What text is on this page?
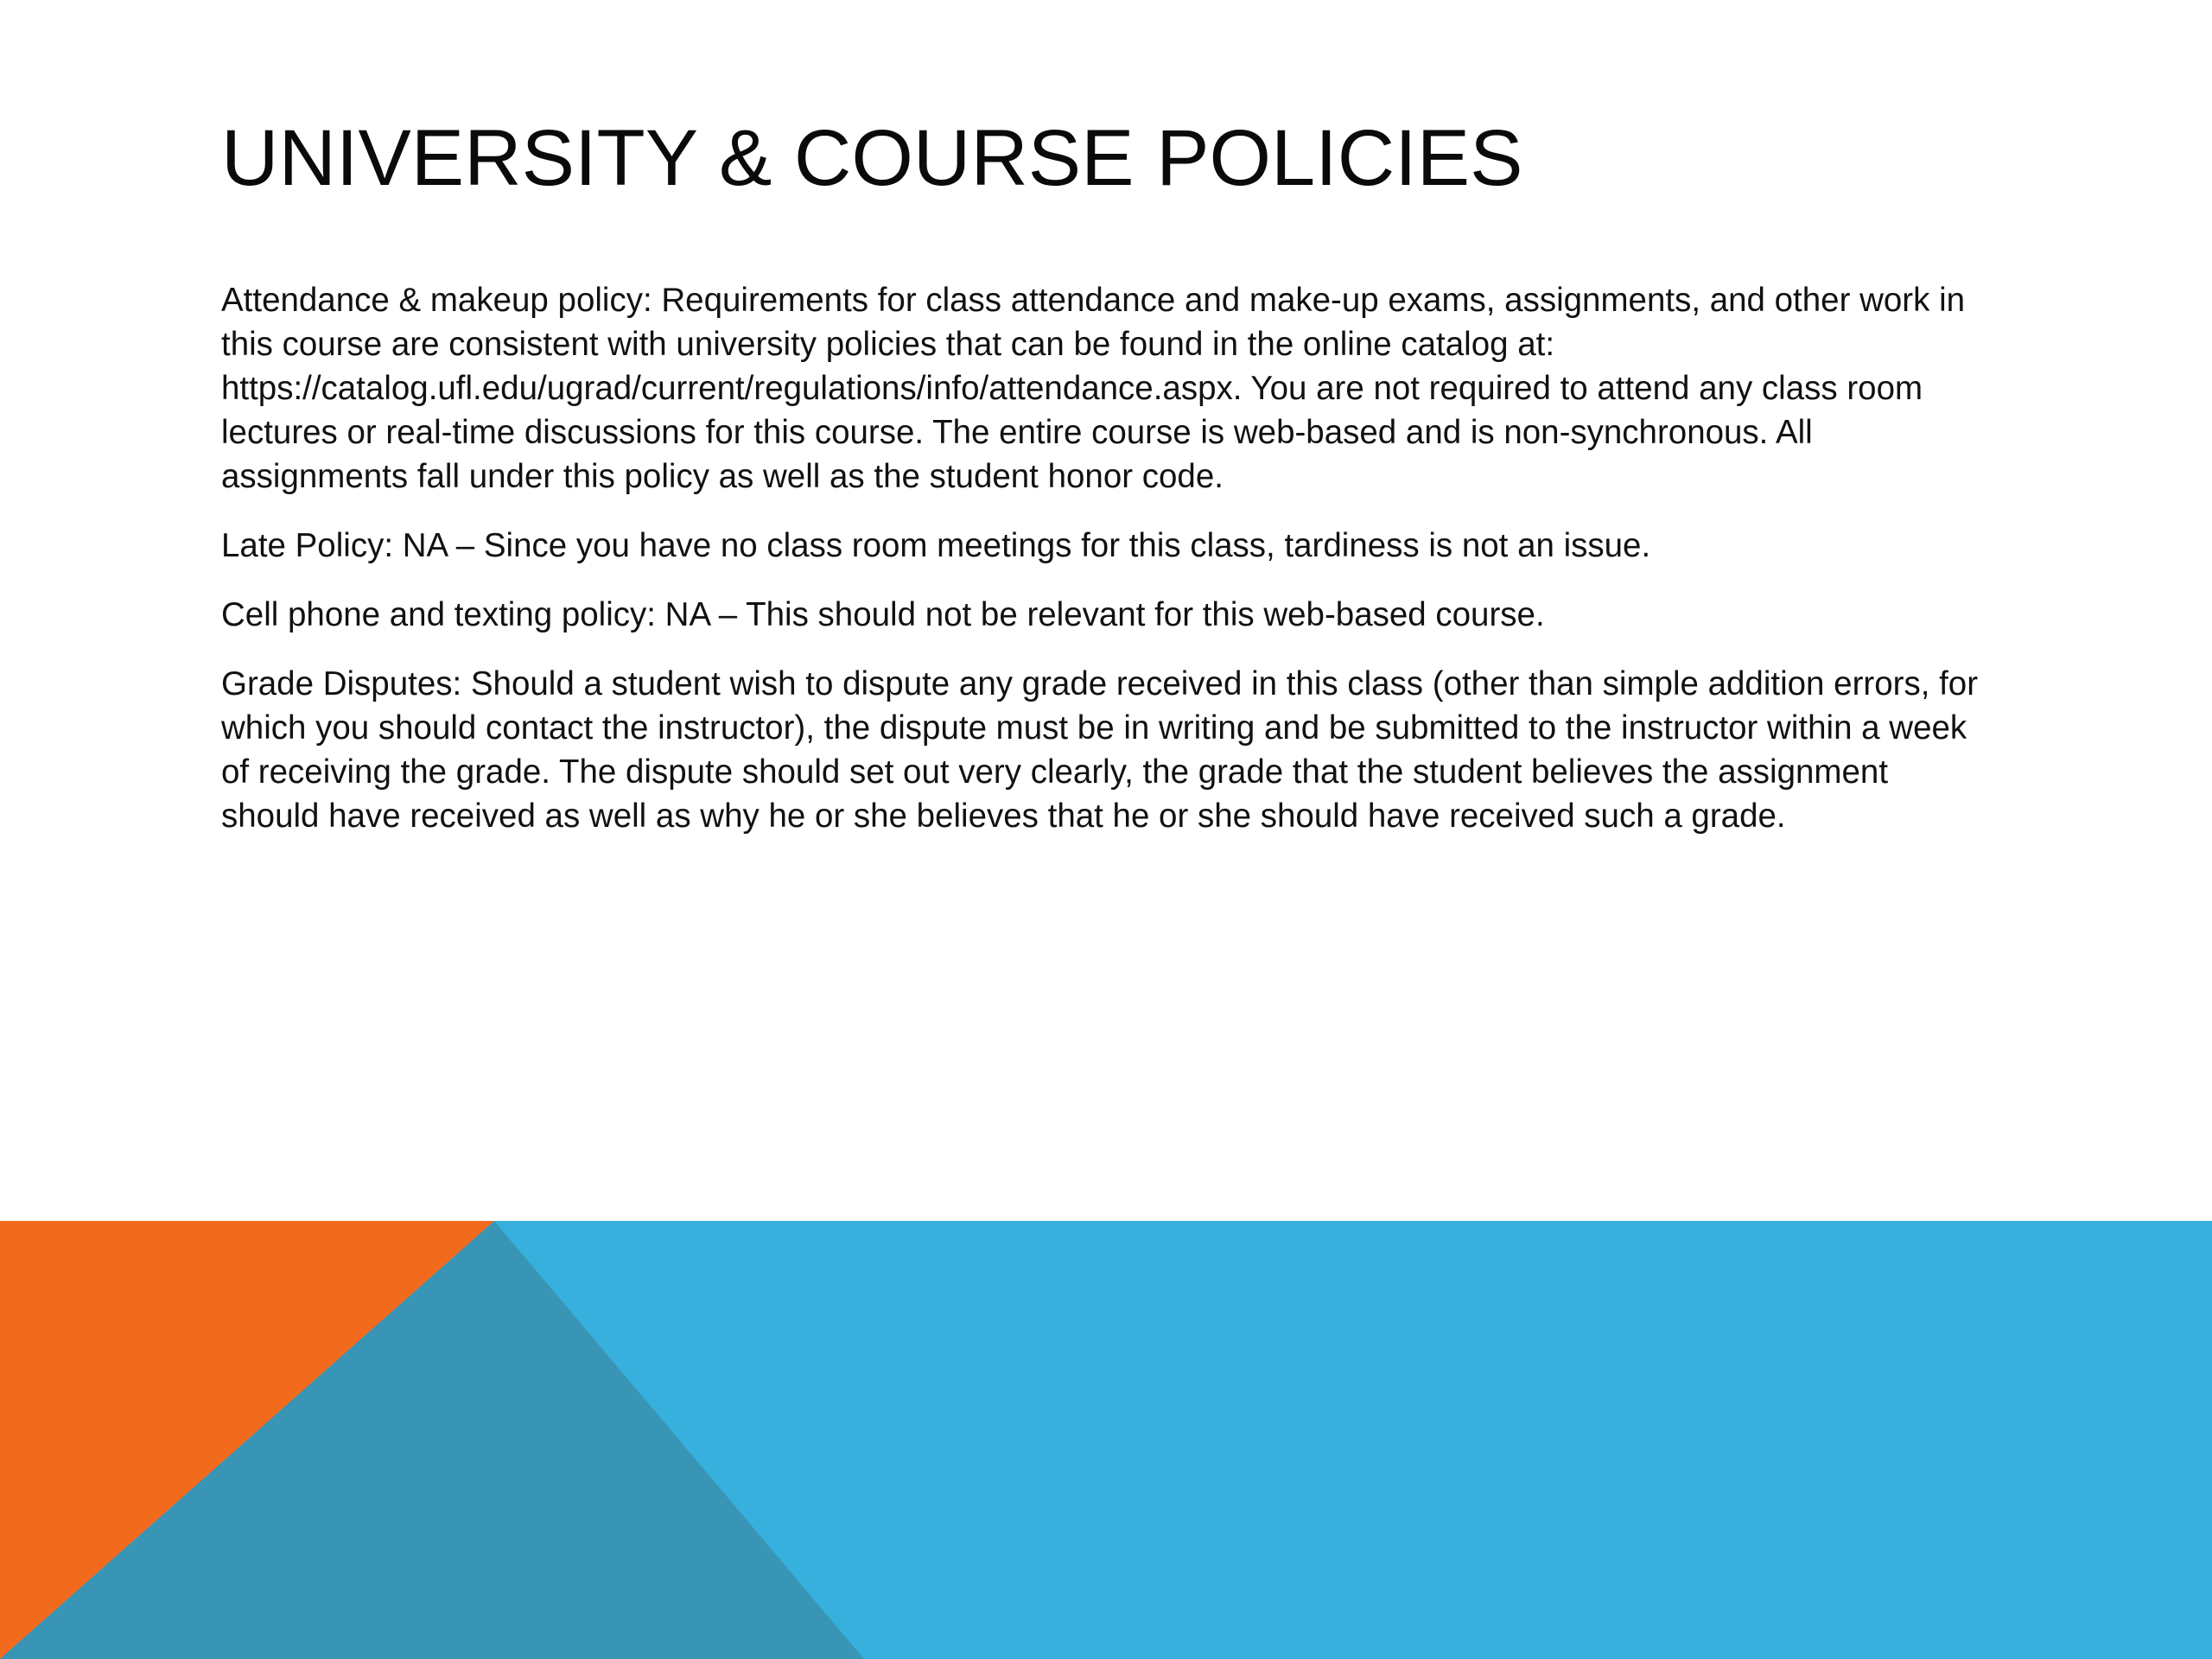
UNIVERSITY & COURSE POLICIES

Attendance & makeup policy: Requirements for class attendance and make-up exams, assignments, and other work in this course are consistent with university policies that can be found in the online catalog at: https://catalog.ufl.edu/ugrad/current/regulations/info/attendance.aspx. You are not required to attend any class room lectures or real-time discussions for this course. The entire course is web-based and is non-synchronous. All assignments fall under this policy as well as the student honor code.

Late Policy: NA – Since you have no class room meetings for this class, tardiness is not an issue.

Cell phone and texting policy: NA – This should not be relevant for this web-based course.

Grade Disputes: Should a student wish to dispute any grade received in this class (other than simple addition errors, for which you should contact the instructor), the dispute must be in writing and be submitted to the instructor within a week of receiving the grade. The dispute should set out very clearly, the grade that the student believes the assignment should have received as well as why he or she believes that he or she should have received such a grade.
